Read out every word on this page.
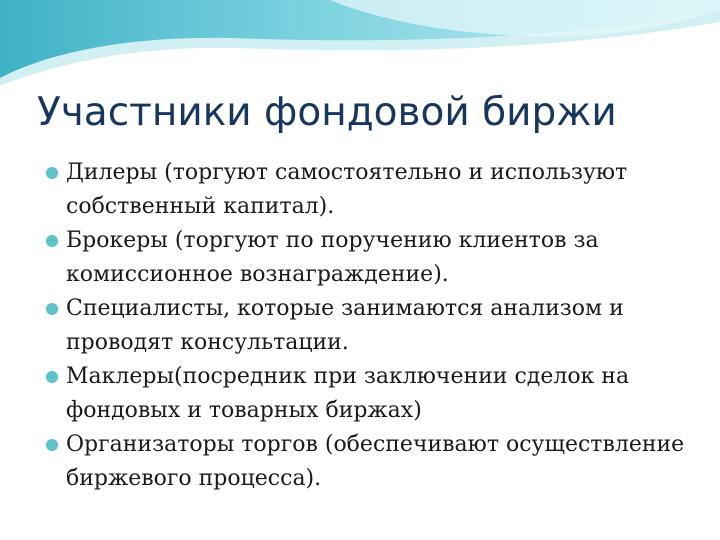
Участники фондовой биржи
Дилеры (торгуют самостоятельно и используют собственный капитал).
Брокеры (торгуют по поручению клиентов за комиссионное вознаграждение).
Специалисты, которые занимаются анализом и проводят консультации.
Маклеры(посредник при заключении сделок на фондовых и товарных биржах)
Организаторы торгов (обеспечивают осуществление биржевого процесса).
